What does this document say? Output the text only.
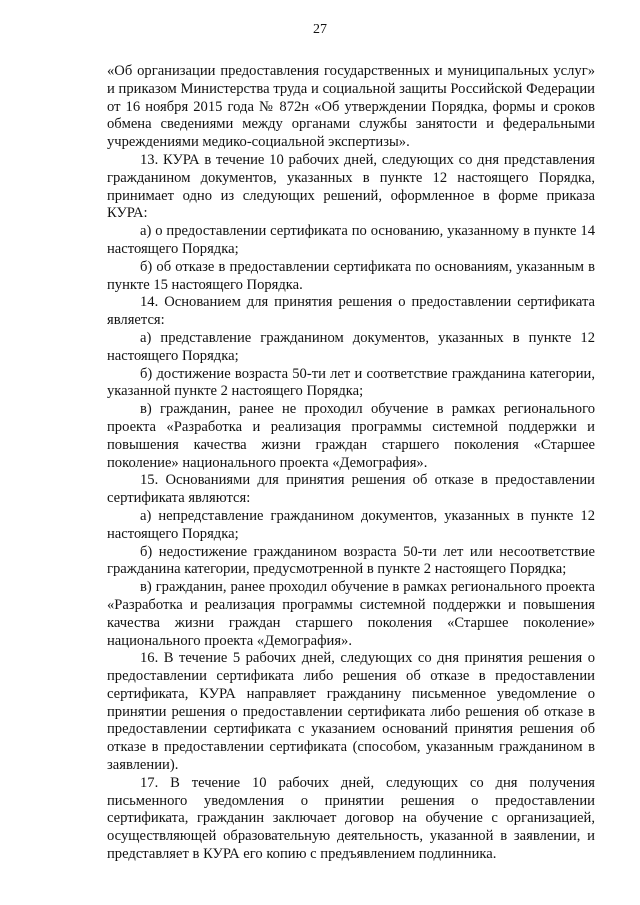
27

«Об организации предоставления государственных и муниципальных услуг» и приказом Министерства труда и социальной защиты Российской Федерации от 16 ноября 2015 года № 872н «Об утверждении Порядка, формы и сроков обмена сведениями между органами службы занятости и федеральными учреждениями медико-социальной экспертизы».

13. КУРА в течение 10 рабочих дней, следующих со дня представления гражданином документов, указанных в пункте 12 настоящего Порядка, принимает одно из следующих решений, оформленное в форме приказа КУРА:

а) о предоставлении сертификата по основанию, указанному в пункте 14 настоящего Порядка;

б) об отказе в предоставлении сертификата по основаниям, указанным в пункте 15 настоящего Порядка.

14. Основанием для принятия решения о предоставлении сертификата является:

а) представление гражданином документов, указанных в пункте 12 настоящего Порядка;

б) достижение возраста 50-ти лет и соответствие гражданина категории, указанной пункте 2 настоящего Порядка;

в) гражданин, ранее не проходил обучение в рамках регионального проекта «Разработка и реализация программы системной поддержки и повышения качества жизни граждан старшего поколения «Старшее поколение» национального проекта «Демография».

15. Основаниями для принятия решения об отказе в предоставлении сертификата являются:

а) непредставление гражданином документов, указанных в пункте 12 настоящего Порядка;

б) недостижение гражданином возраста 50-ти лет или несоответствие гражданина категории, предусмотренной в пункте 2 настоящего Порядка;

в) гражданин, ранее проходил обучение в рамках регионального проекта «Разработка и реализация программы системной поддержки и повышения качества жизни граждан старшего поколения «Старшее поколение» национального проекта «Демография».

16. В течение 5 рабочих дней, следующих со дня принятия решения о предоставлении сертификата либо решения об отказе в предоставлении сертификата, КУРА направляет гражданину письменное уведомление о принятии решения о предоставлении сертификата либо решения об отказе в предоставлении сертификата с указанием оснований принятия решения об отказе в предоставлении сертификата (способом, указанным гражданином в заявлении).

17. В течение 10 рабочих дней, следующих со дня получения письменного уведомления о принятии решения о предоставлении сертификата, гражданин заключает договор на обучение с организацией, осуществляющей образовательную деятельность, указанной в заявлении, и представляет в КУРА его копию с предъявлением подлинника.
